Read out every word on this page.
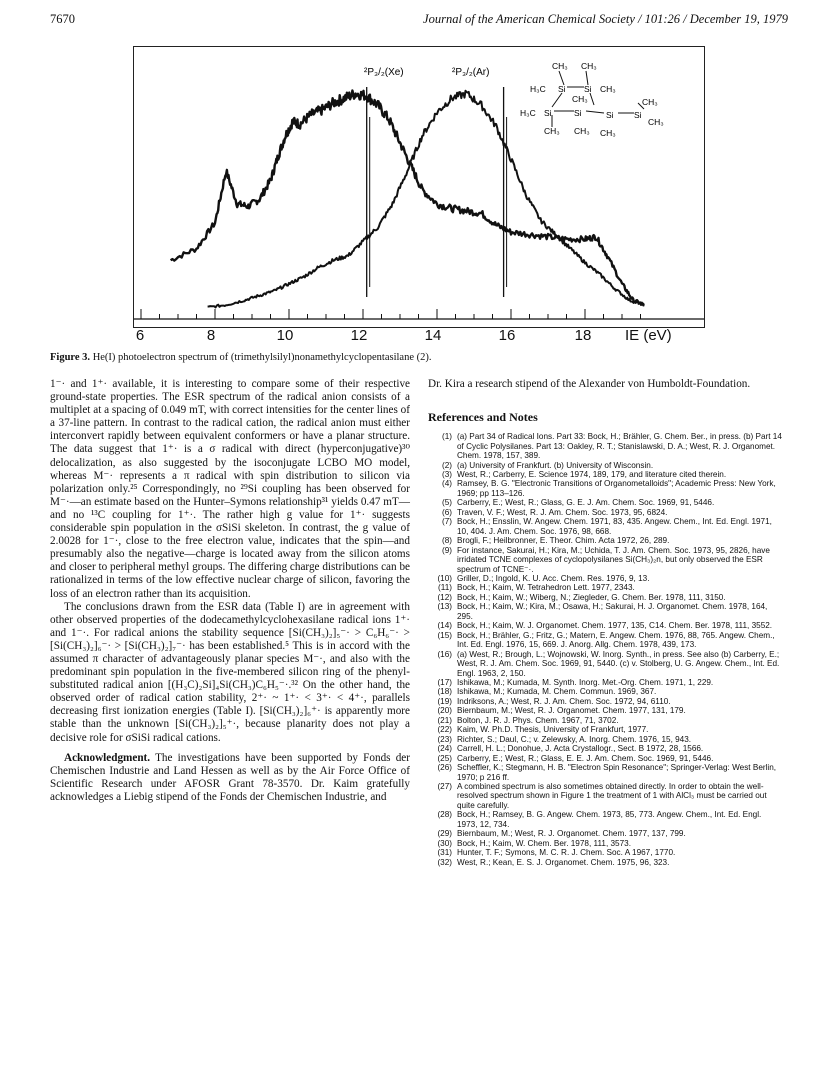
7670	Journal of the American Chemical Society / 101:26 / December 19, 1979
²P₃/₂(Xe)	²P₃/₂(Ar)
CH₃ CH₃
H₃C Si Si CH₃
CH₃
H₃C Si	Si	Si Si
CH₃
CH₃
CH₃ CH₃ CH₃
6	8	10	12	14	16	18 IE (eV)
Figure 3. He(I) photoelectron spectrum of (trimethylsilyl)nonamethylcyclopentasilane (2).

1⁻· and 1⁺· available, it is interesting to compare some of their respective ground-state properties. The ESR spectrum of the radical anion consists of a multiplet at a spacing of 0.049 mT, with correct intensities for the center lines of a 37-line pattern. In contrast to the radical cation, the radical anion must either interconvert rapidly between equivalent conformers or have a planar structure. The data suggest that 1⁺· is a σ radical with direct (hyperconjugative)³⁰ delocalization, as also suggested by the isoconjugate LCBO MO model, whereas M⁻· represents a π radical with spin distribution to silicon via polarization only.²⁵ Correspondingly, no ²⁹Si coupling has been observed for M⁻·—an estimate based on the Hunter–Symons relationship³¹ yields 0.47 mT—and no ¹³C coupling for 1⁺·. The rather high g value for 1⁺· suggests considerable spin population in the σSiSi skeleton. In contrast, the g value of 2.0028 for 1⁻·, close to the free electron value, indicates that the spin—and presumably also the negative—charge is located away from the silicon atoms and closer to peripheral methyl groups. The differing charge distributions can be rationalized in terms of the low effective nuclear charge of silicon, favoring the loss of an electron rather than its acquisition.

The conclusions drawn from the ESR data (Table I) are in agreement with other observed properties of the dodecamethylcyclohexasilane radical ions 1⁺· and 1⁻·. For radical anions the stability sequence [Si(CH₃)₂]₅⁻· > C₆H₆⁻· > [Si(CH₃)₂]₆⁻· > [Si(CH₃)₂]₇⁻· has been established.⁵ This is in accord with the assumed π character of advantageously planar species M⁻·, and also with the predominant spin population in the five-membered silicon ring of the phenyl-substituted radical anion [(H₃C)₂Si]₄Si(CH₃)C₆H₅⁻·.³² On the other hand, the observed order of radical cation stability, 2⁺· ~ 1⁺· < 3⁺· < 4⁺·, parallels decreasing first ionization energies (Table I). [Si(CH₃)₂]₆⁺· is apparently more stable than the unknown [Si(CH₃)₂]₅⁺·, because planarity does not play a decisive role for σSiSi radical cations.

Acknowledgment. The investigations have been supported by Fonds der Chemischen Industrie and Land Hessen as well as by the Air Force Office of Scientific Research under AFOSR Grant 78-3570. Dr. Kaim gratefully acknowledges a Liebig stipend of the Fonds der Chemischen Industrie, and

Dr. Kira a research stipend of the Alexander von Humboldt-Foundation.

References and Notes

(1) (a) Part 34 of Radical Ions. Part 33: Bock, H.; Brähler, G. Chem. Ber., in press. (b) Part 14 of Cyclic Polysilanes. Part 13: Oakley, R. T.; Stanislawski, D. A.; West, R. J. Organomet. Chem. 1978, 157, 389.
(2) (a) University of Frankfurt. (b) University of Wisconsin.
(3) West, R.; Carberry, E. Science 1974, 189, 179, and literature cited therein.
(4) Ramsey, B. G. "Electronic Transitions of Organometalloids"; Academic Press: New York, 1969; pp 113–126.
(5) Carberry, E.; West, R.; Glass, G. E. J. Am. Chem. Soc. 1969, 91, 5446.
(6) Traven, V. F.; West, R. J. Am. Chem. Soc. 1973, 95, 6824.
(7) Bock, H.; Ensslin, W. Angew. Chem. 1971, 83, 435. Angew. Chem., Int. Ed. Engl. 1971, 10, 404. J. Am. Chem. Soc. 1976, 98, 668.
(8) Brogli, F.; Heilbronner, E. Theor. Chim. Acta 1972, 26, 289.
(9) For instance, Sakurai, H.; Kira, M.; Uchida, T. J. Am. Chem. Soc. 1973, 95, 2826, have irridated TCNE complexes of cyclopolysilanes Si(CH₃)₂n, but only observed the ESR spectrum of TCNE⁻·.
(10) Griller, D.; Ingold, K. U. Acc. Chem. Res. 1976, 9, 13.
(11) Bock, H.; Kaim, W. Tetrahedron Lett. 1977, 2343.
(12) Bock, H.; Kaim, W.; Wiberg, N.; Ziegleder, G. Chem. Ber. 1978, 111, 3150.
(13) Bock, H.; Kaim, W.; Kira, M.; Osawa, H.; Sakurai, H. J. Organomet. Chem. 1978, 164, 295.
(14) Bock, H.; Kaim, W. J. Organomet. Chem. 1977, 135, C14. Chem. Ber. 1978, 111, 3552.
(15) Bock, H.; Brähler, G.; Fritz, G.; Matern, E. Angew. Chem. 1976, 88, 765. Angew. Chem., Int. Ed. Engl. 1976, 15, 669. J. Anorg. Allg. Chem. 1978, 439, 173.
(16) (a) West, R.; Brough, L.; Wojnowski, W. Inorg. Synth., in press. See also (b) Carberry, E.; West, R. J. Am. Chem. Soc. 1969, 91, 5440. (c) v. Stolberg, U. G. Angew. Chem., Int. Ed. Engl. 1963, 2, 150.
(17) Ishikawa, M.; Kumada, M. Synth. Inorg. Met.-Org. Chem. 1971, 1, 229.
(18) Ishikawa, M.; Kumada, M. Chem. Commun. 1969, 367.
(19) Indriksons, A.; West, R. J. Am. Chem. Soc. 1972, 94, 6110.
(20) Biernbaum, M.; West, R. J. Organomet. Chem. 1977, 131, 179.
(21) Bolton, J. R. J. Phys. Chem. 1967, 71, 3702.
(22) Kaim, W. Ph.D. Thesis, University of Frankfurt, 1977.
(23) Richter, S.; Daul, C.; v. Zelewsky, A. Inorg. Chem. 1976, 15, 943.
(24) Carrell, H. L.; Donohue, J. Acta Crystallogr., Sect. B 1972, 28, 1566.
(25) Carberry, E.; West, R.; Glass, E. E. J. Am. Chem. Soc. 1969, 91, 5446.
(26) Scheffler, K.; Stegmann, H. B. "Electron Spin Resonance"; Springer-Verlag: West Berlin, 1970; p 216 ff.
(27) A combined spectrum is also sometimes obtained directly. In order to obtain the well-resolved spectrum shown in Figure 1 the treatment of 1 with AlCl₃ must be carried out quite carefully.
(28) Bock, H.; Ramsey, B. G. Angew. Chem. 1973, 85, 773. Angew. Chem., Int. Ed. Engl. 1973, 12, 734.
(29) Biernbaum, M.; West, R. J. Organomet. Chem. 1977, 137, 799.
(30) Bock, H.; Kaim, W. Chem. Ber. 1978, 111, 3573.
(31) Hunter, T. F.; Symons, M. C. R. J. Chem. Soc. A 1967, 1770.
(32) West, R.; Kean, E. S. J. Organomet. Chem. 1975, 96, 323.
